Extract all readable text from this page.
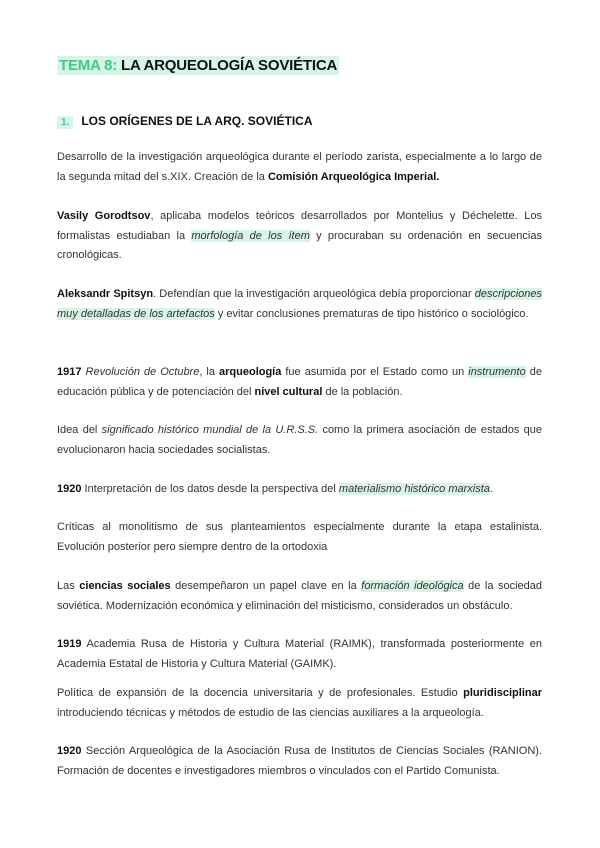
TEMA 8: LA ARQUEOLOGÍA SOVIÉTICA
1. LOS ORÍGENES DE LA ARQ. SOVIÉTICA
Desarrollo de la investigación arqueológica durante el período zarista, especialmente a lo largo de la segunda mitad del s.XIX. Creación de la Comisión Arqueológica Imperial.
Vasily Gorodtsov, aplicaba modelos teóricos desarrollados por Montelius y Déchelette. Los formalistas estudiaban la morfología de los ítem y procuraban su ordenación en secuencias cronológicas.
Aleksandr Spitsyn. Defendían que la investigación arqueológica debía proporcionar descripciones muy detalladas de los artefactos y evitar conclusiones prematuras de tipo histórico o sociológico.
1917 Revolución de Octubre, la arqueología fue asumida por el Estado como un instrumento de educación pública y de potenciación del nivel cultural de la población.
Idea del significado histórico mundial de la U.R.S.S. como la primera asociación de estados que evolucionaron hacia sociedades socialistas.
1920 Interpretación de los datos desde la perspectiva del materialismo histórico marxista.
Críticas al monolitismo de sus planteamientos especialmente durante la etapa estalinista. Evolución posterior pero siempre dentro de la ortodoxia
Las ciencias sociales desempeñaron un papel clave en la formación ideológica de la sociedad soviética. Modernización económica y eliminación del misticismo, considerados un obstáculo.
1919 Academia Rusa de Historia y Cultura Material (RAIMK), transformada posteriormente en Academia Estatal de Historia y Cultura Material (GAIMK).
Política de expansión de la docencia universitaria y de profesionales. Estudio pluridisciplinar introduciendo técnicas y métodos de estudio de las ciencias auxiliares a la arqueología.
1920 Sección Arqueológica de la Asociación Rusa de Institutos de Ciencias Sociales (RANION). Formación de docentes e investigadores miembros o vinculados con el Partido Comunista.
